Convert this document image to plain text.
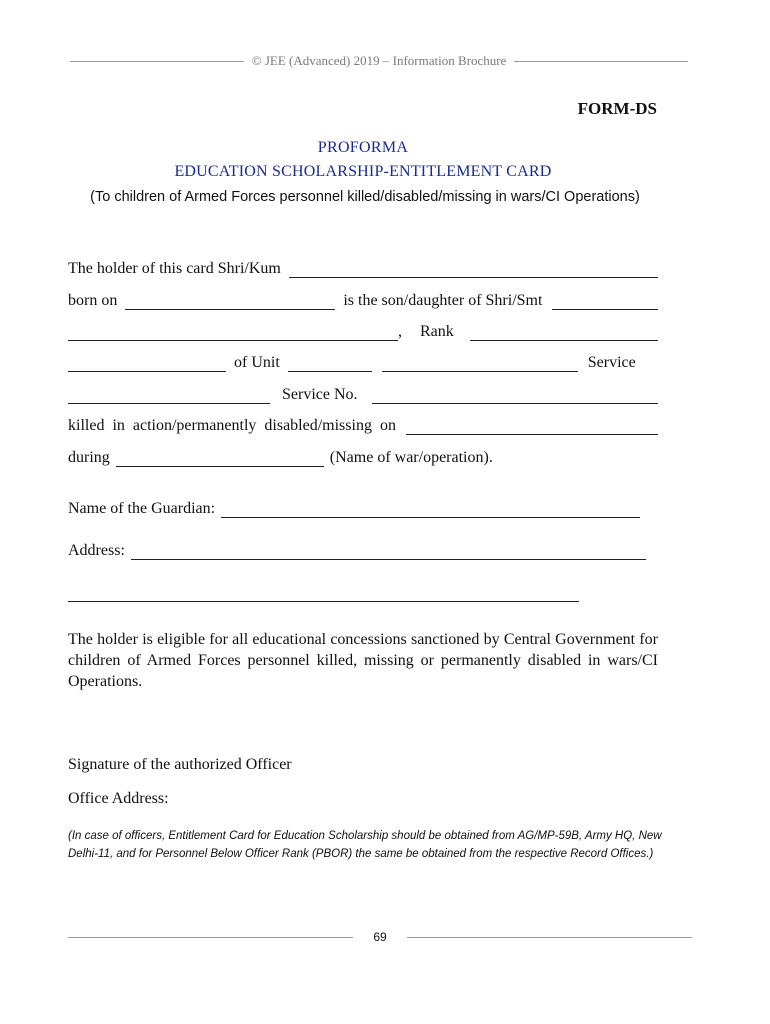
© JEE (Advanced) 2019 – Information Brochure
FORM-DS
PROFORMA
EDUCATION SCHOLARSHIP-ENTITLEMENT CARD
(To children of Armed Forces personnel killed/disabled/missing in wars/CI Operations)
The holder of this card Shri/Kum
born on	is the son/daughter of Shri/Smt
, Rank
of Unit	Service
Service No.
killed in action/permanently disabled/missing on
during	(Name of war/operation).
Name of the Guardian:
Address:
The holder is eligible for all educational concessions sanctioned by Central Government for children of Armed Forces personnel killed, missing or permanently disabled in wars/CI Operations.
Signature of the authorized Officer
Office Address:
(In case of officers, Entitlement Card for Education Scholarship should be obtained from AG/MP-59B, Army HQ, New Delhi-11, and for Personnel Below Officer Rank (PBOR) the same be obtained from the respective Record Offices.)
69
